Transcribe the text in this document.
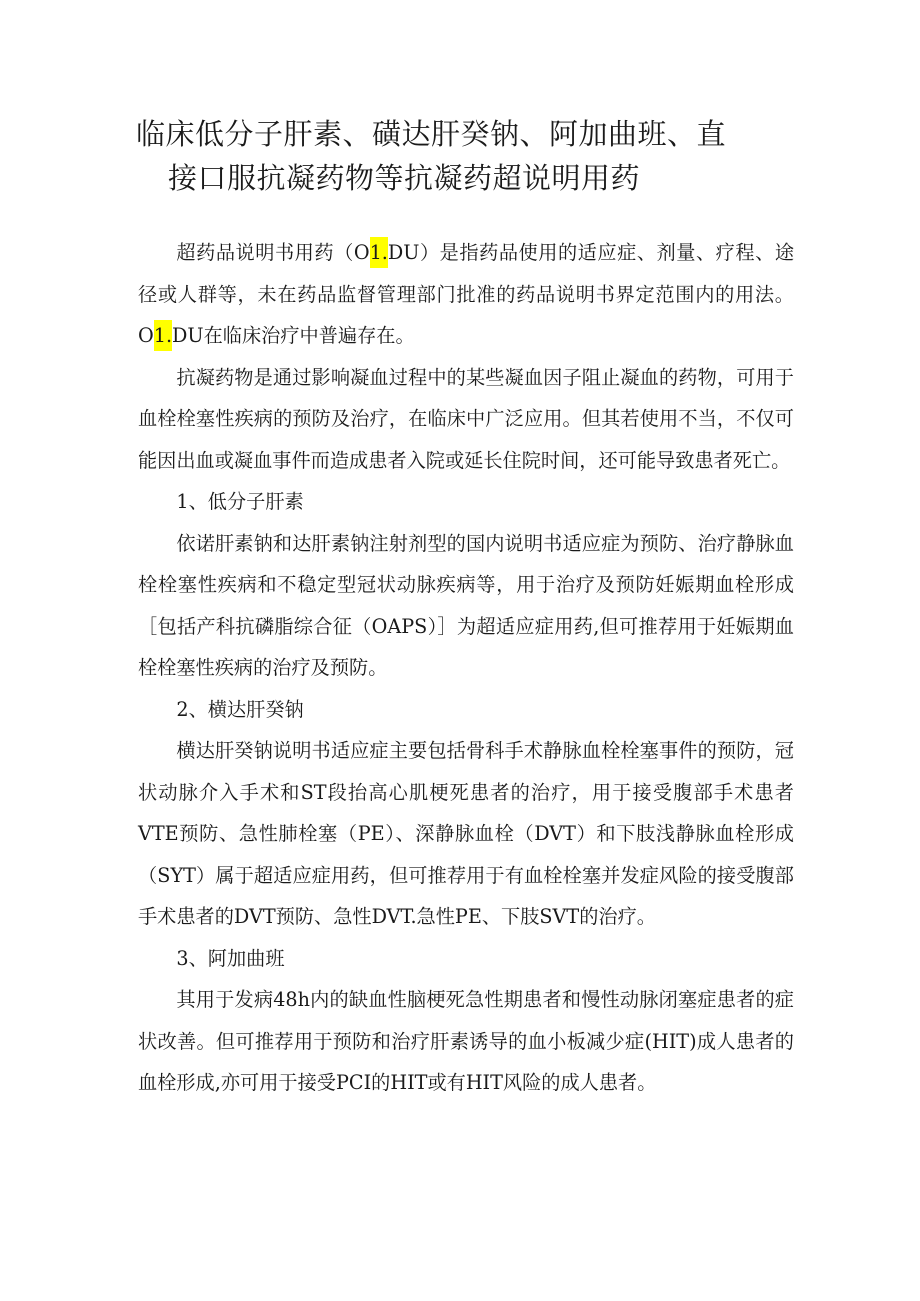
临床低分子肝素、磺达肝癸钠、阿加曲班、直
接口服抗凝药物等抗凝药超说明用药

超药品说明书用药（O1.DU）是指药品使用的适应症、剂量、疗程、途径或人群等，未在药品监督管理部门批准的药品说明书界定范围内的用法。O1.DU在临床治疗中普遍存在。

抗凝药物是通过影响凝血过程中的某些凝血因子阻止凝血的药物，可用于血栓栓塞性疾病的预防及治疗，在临床中广泛应用。但其若使用不当，不仅可能因出血或凝血事件而造成患者入院或延长住院时间，还可能导致患者死亡。

1、低分子肝素

依诺肝素钠和达肝素钠注射剂型的国内说明书适应症为预防、治疗静脉血栓栓塞性疾病和不稳定型冠状动脉疾病等，用于治疗及预防妊娠期血栓形成［包括产科抗磷脂综合征（OAPS）］为超适应症用药,但可推荐用于妊娠期血栓栓塞性疾病的治疗及预防。

2、横达肝癸钠

横达肝癸钠说明书适应症主要包括骨科手术静脉血栓栓塞事件的预防，冠状动脉介入手术和ST段抬高心肌梗死患者的治疗，用于接受腹部手术患者VTE预防、急性肺栓塞（PE）、深静脉血栓（DVT）和下肢浅静脉血栓形成（SYT）属于超适应症用药，但可推荐用于有血栓栓塞并发症风险的接受腹部手术患者的DVT预防、急性DVT.急性PE、下肢SVT的治疗。

3、阿加曲班

其用于发病48h内的缺血性脑梗死急性期患者和慢性动脉闭塞症患者的症状改善。但可推荐用于预防和治疗肝素诱导的血小板减少症(HIT)成人患者的血栓形成,亦可用于接受PCI的HIT或有HIT风险的成人患者。
